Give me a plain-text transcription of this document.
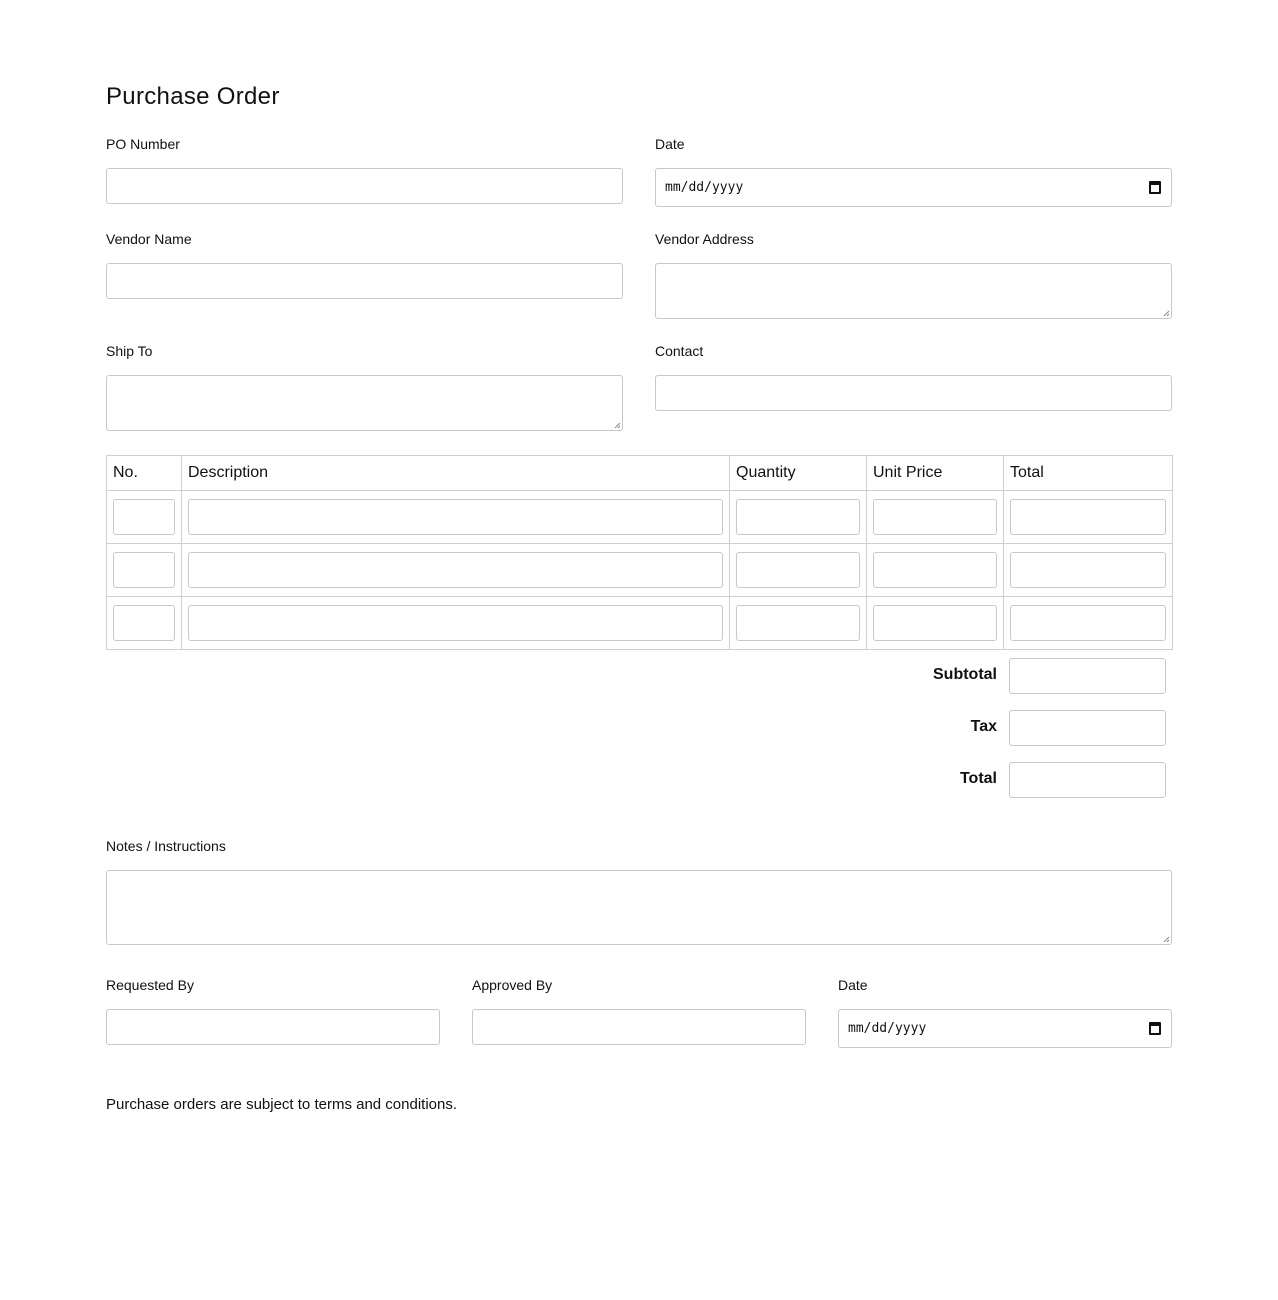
Purchase Order
PO Number	Date
mm/dd/yyyy
Vendor Name	Vendor Address
Ship To	Contact
No.	Description	Quantity	Unit Price	Total

Subtotal
Tax
Total
Notes / Instructions
Requested By	Approved By	Date
mm/dd/yyyy
Purchase orders are subject to terms and conditions.
